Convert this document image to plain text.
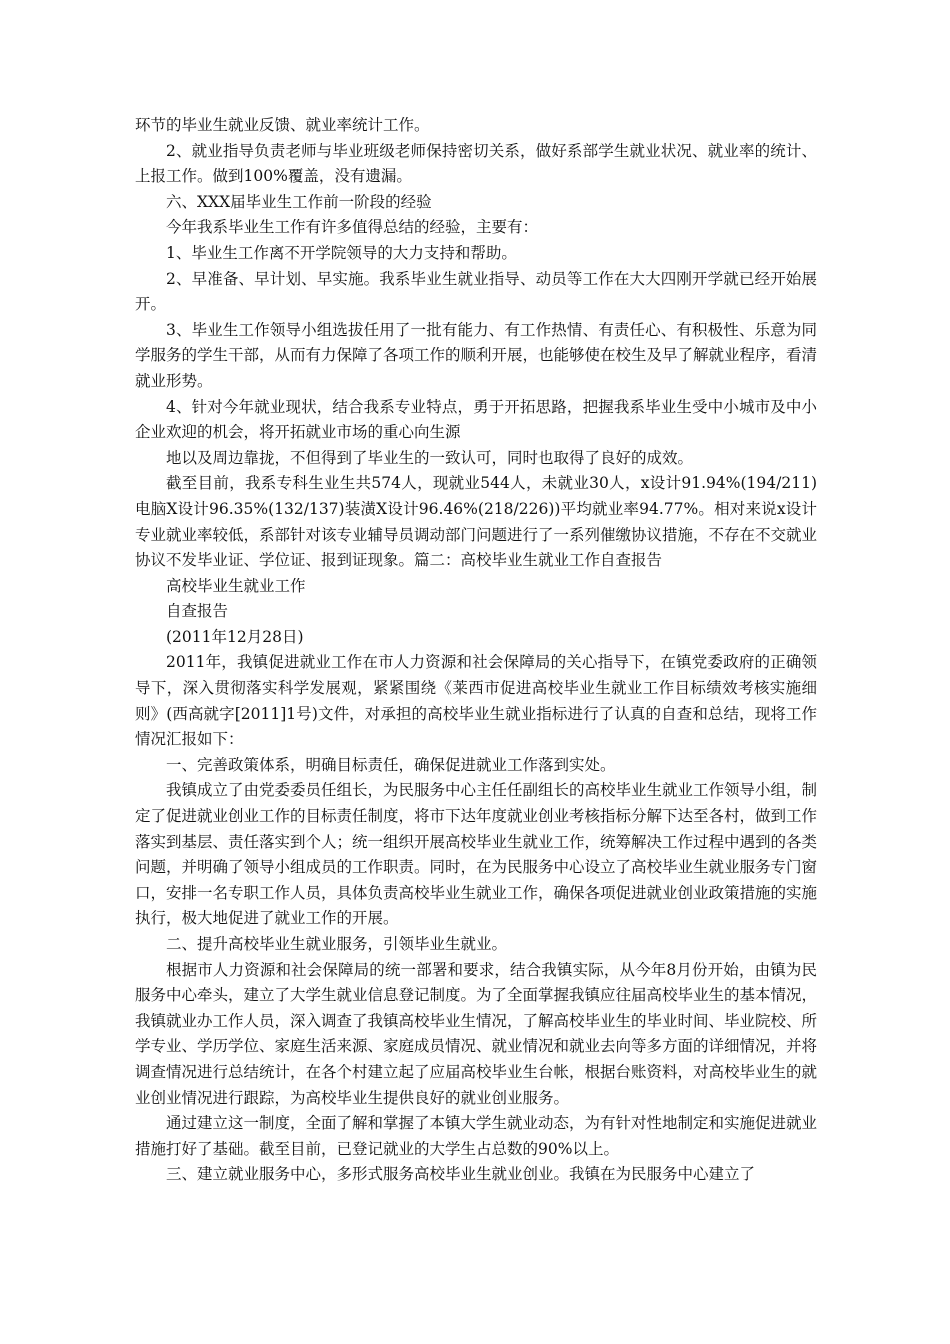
环节的毕业生就业反馈、就业率统计工作。

2、就业指导负责老师与毕业班级老师保持密切关系，做好系部学生就业状况、就业率的统计、上报工作。做到100%覆盖，没有遗漏。

六、XXX届毕业生工作前一阶段的经验

今年我系毕业生工作有许多值得总结的经验，主要有：

1、毕业生工作离不开学院领导的大力支持和帮助。

2、早准备、早计划、早实施。我系毕业生就业指导、动员等工作在大大四刚开学就已经开始展开。

3、毕业生工作领导小组选拔任用了一批有能力、有工作热情、有责任心、有积极性、乐意为同学服务的学生干部，从而有力保障了各项工作的顺利开展，也能够使在校生及早了解就业程序，看清就业形势。

4、针对今年就业现状，结合我系专业特点，勇于开拓思路，把握我系毕业生受中小城市及中小企业欢迎的机会，将开拓就业市场的重心向生源

地以及周边靠拢，不但得到了毕业生的一致认可，同时也取得了良好的成效。

截至目前，我系专科生业生共574人，现就业544人，未就业30人，x设计91.94%(194/211)电脑X设计96.35%(132/137)装潢X设计96.46%(218/226))平均就业率94.77%。相对来说x设计专业就业率较低，系部针对该专业辅导员调动部门问题进行了一系列催缴协议措施，不存在不交就业协议不发毕业证、学位证、报到证现象。篇二：高校毕业生就业工作自查报告

高校毕业生就业工作

自查报告

(2011年12月28日)

2011年，我镇促进就业工作在市人力资源和社会保障局的关心指导下，在镇党委政府的正确领导下，深入贯彻落实科学发展观，紧紧围绕《莱西市促进高校毕业生就业工作目标绩效考核实施细则》(西高就字[2011]1号)文件，对承担的高校毕业生就业指标进行了认真的自查和总结，现将工作情况汇报如下：

一、完善政策体系，明确目标责任，确保促进就业工作落到实处。

我镇成立了由党委委员任组长，为民服务中心主任任副组长的高校毕业生就业工作领导小组，制定了促进就业创业工作的目标责任制度，将市下达年度就业创业考核指标分解下达至各村，做到工作落实到基层、责任落实到个人；统一组织开展高校毕业生就业工作，统筹解决工作过程中遇到的各类问题，并明确了领导小组成员的工作职责。同时，在为民服务中心设立了高校毕业生就业服务专门窗口，安排一名专职工作人员，具体负责高校毕业生就业工作，确保各项促进就业创业政策措施的实施执行，极大地促进了就业工作的开展。

二、提升高校毕业生就业服务，引领毕业生就业。

根据市人力资源和社会保障局的统一部署和要求，结合我镇实际，从今年8月份开始，由镇为民服务中心牵头，建立了大学生就业信息登记制度。为了全面掌握我镇应往届高校毕业生的基本情况，我镇就业办工作人员，深入调查了我镇高校毕业生情况，了解高校毕业生的毕业时间、毕业院校、所学专业、学历学位、家庭生活来源、家庭成员情况、就业情况和就业去向等多方面的详细情况，并将调查情况进行总结统计，在各个村建立起了应届高校毕业生台帐，根据台账资料，对高校毕业生的就业创业情况进行跟踪，为高校毕业生提供良好的就业创业服务。

通过建立这一制度，全面了解和掌握了本镇大学生就业动态，为有针对性地制定和实施促进就业措施打好了基础。截至目前，已登记就业的大学生占总数的90%以上。

三、建立就业服务中心，多形式服务高校毕业生就业创业。我镇在为民服务中心建立了
